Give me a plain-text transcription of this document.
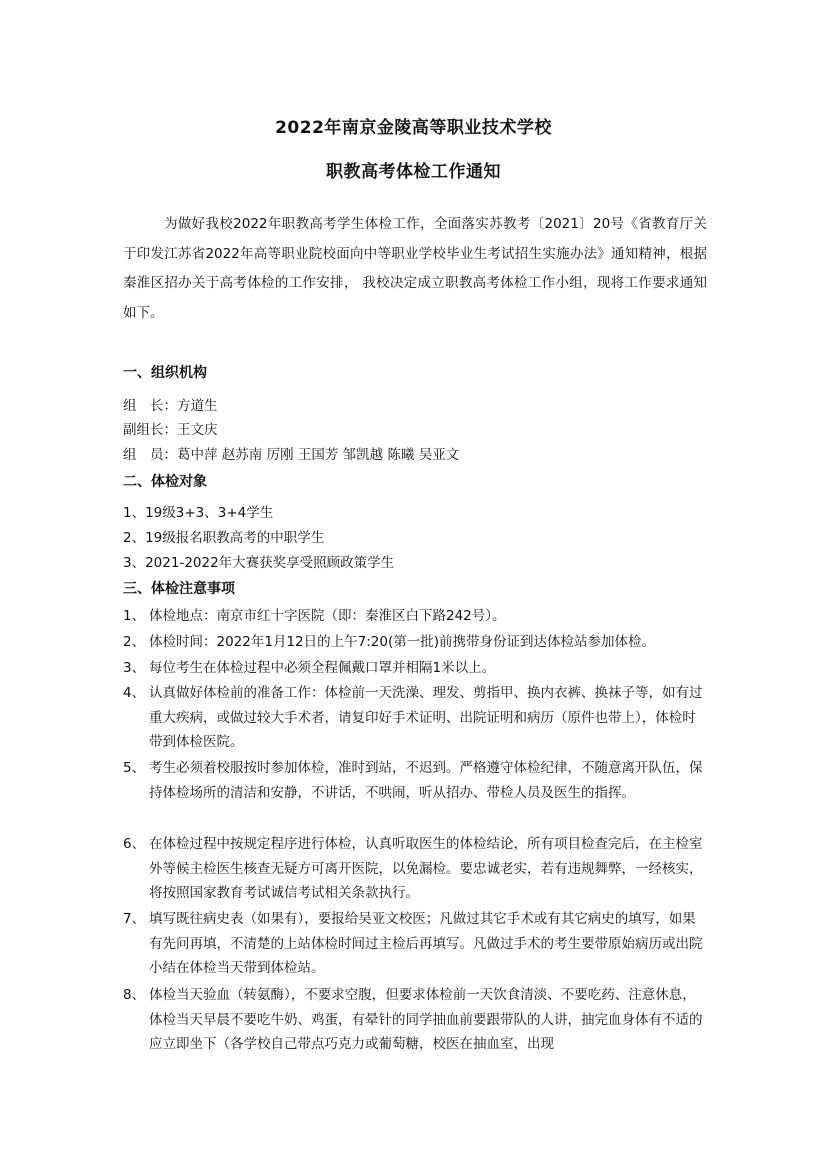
2022年南京金陵高等职业技术学校
职教高考体检工作通知
为做好我校2022年职教高考学生体检工作，全面落实苏教考〔2021〕20号《省教育厅关于印发江苏省2022年高等职业院校面向中等职业学校毕业生考试招生实施办法》通知精神，根据秦淮区招办关于高考体检的工作安排， 我校决定成立职教高考体检工作小组，现将工作要求通知如下。
一、组织机构
组　长：方道生
副组长：王文庆
组　员：葛中萍 赵苏南 厉刚 王国芳 邹凯越 陈曦 吴亚文
二、体检对象
1、19级3+3、3+4学生
2、19级报名职教高考的中职学生
3、2021-2022年大赛获奖享受照顾政策学生
三、体检注意事项
1、 体检地点：南京市红十字医院（即：秦淮区白下路242号）。
2、 体检时间：2022年1月12日的上午7:20(第一批)前携带身份证到达体检站参加体检。
3、 每位考生在体检过程中必须全程佩戴口罩并相隔1米以上。
4、 认真做好体检前的准备工作：体检前一天洗澡、理发、剪指甲、换内衣裤、换袜子等，如有过重大疾病，或做过较大手术者，请复印好手术证明、出院证明和病历（原件也带上），体检时带到体检医院。
5、 考生必须着校服按时参加体检，准时到站，不迟到。严格遵守体检纪律，不随意离开队伍，保持体检场所的清洁和安静，不讲话，不哄闹，听从招办、带检人员及医生的指挥。
6、 在体检过程中按规定程序进行体检，认真听取医生的体检结论，所有项目检查完后，在主检室外等候主检医生核查无疑方可离开医院，以免漏检。要忠诚老实，若有违规舞弊，一经核实，将按照国家教育考试诚信考试相关条款执行。
7、 填写既往病史表（如果有），要报给吴亚文校医；凡做过其它手术或有其它病史的填写，如果有先问再填，不清楚的上站体检时间过主检后再填写。凡做过手术的考生要带原始病历或出院小结在体检当天带到体检站。
8、 体检当天验血（转氨酶），不要求空腹，但要求体检前一天饮食清淡、不要吃药、注意休息，体检当天早晨不要吃牛奶、鸡蛋，有晕针的同学抽血前要跟带队的人讲，抽完血身体有不适的应立即坐下（各学校自己带点巧克力或葡萄糖，校医在抽血室，出现
